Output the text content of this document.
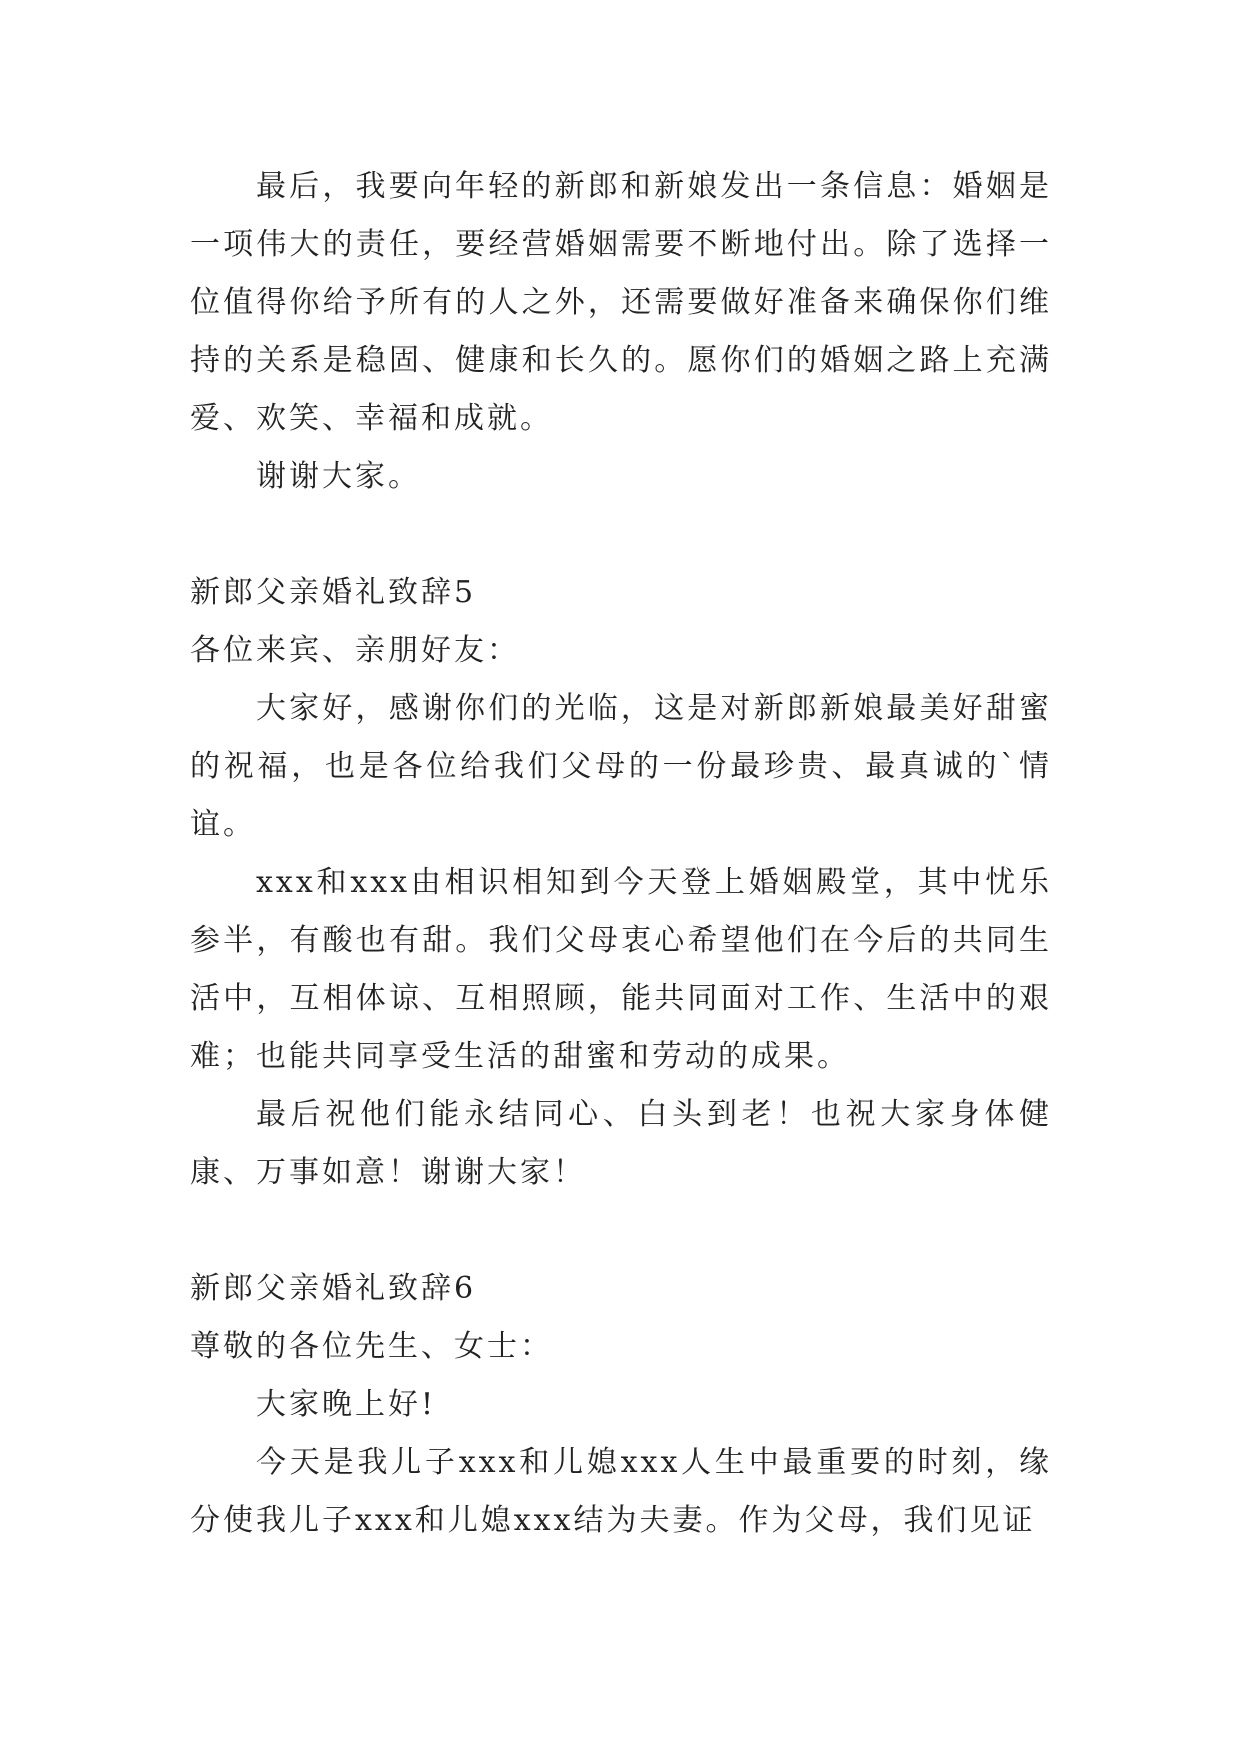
最后，我要向年轻的新郎和新娘发出一条信息：婚姻是一项伟大的责任，要经营婚姻需要不断地付出。除了选择一位值得你给予所有的人之外，还需要做好准备来确保你们维持的关系是稳固、健康和长久的。愿你们的婚姻之路上充满爱、欢笑、幸福和成就。

谢谢大家。

新郎父亲婚礼致辞5

各位来宾、亲朋好友：

大家好，感谢你们的光临，这是对新郎新娘最美好甜蜜的祝福，也是各位给我们父母的一份最珍贵、最真诚的`情谊。

xxx和xxx由相识相知到今天登上婚姻殿堂，其中忧乐参半，有酸也有甜。我们父母衷心希望他们在今后的共同生活中，互相体谅、互相照顾，能共同面对工作、生活中的艰难；也能共同享受生活的甜蜜和劳动的成果。

最后祝他们能永结同心、白头到老！也祝大家身体健康、万事如意！谢谢大家！

新郎父亲婚礼致辞6

尊敬的各位先生、女士：

大家晚上好!

今天是我儿子xxx和儿媳xxx人生中最重要的时刻，缘分使我儿子xxx和儿媳xxx结为夫妻。作为父母，我们见证
